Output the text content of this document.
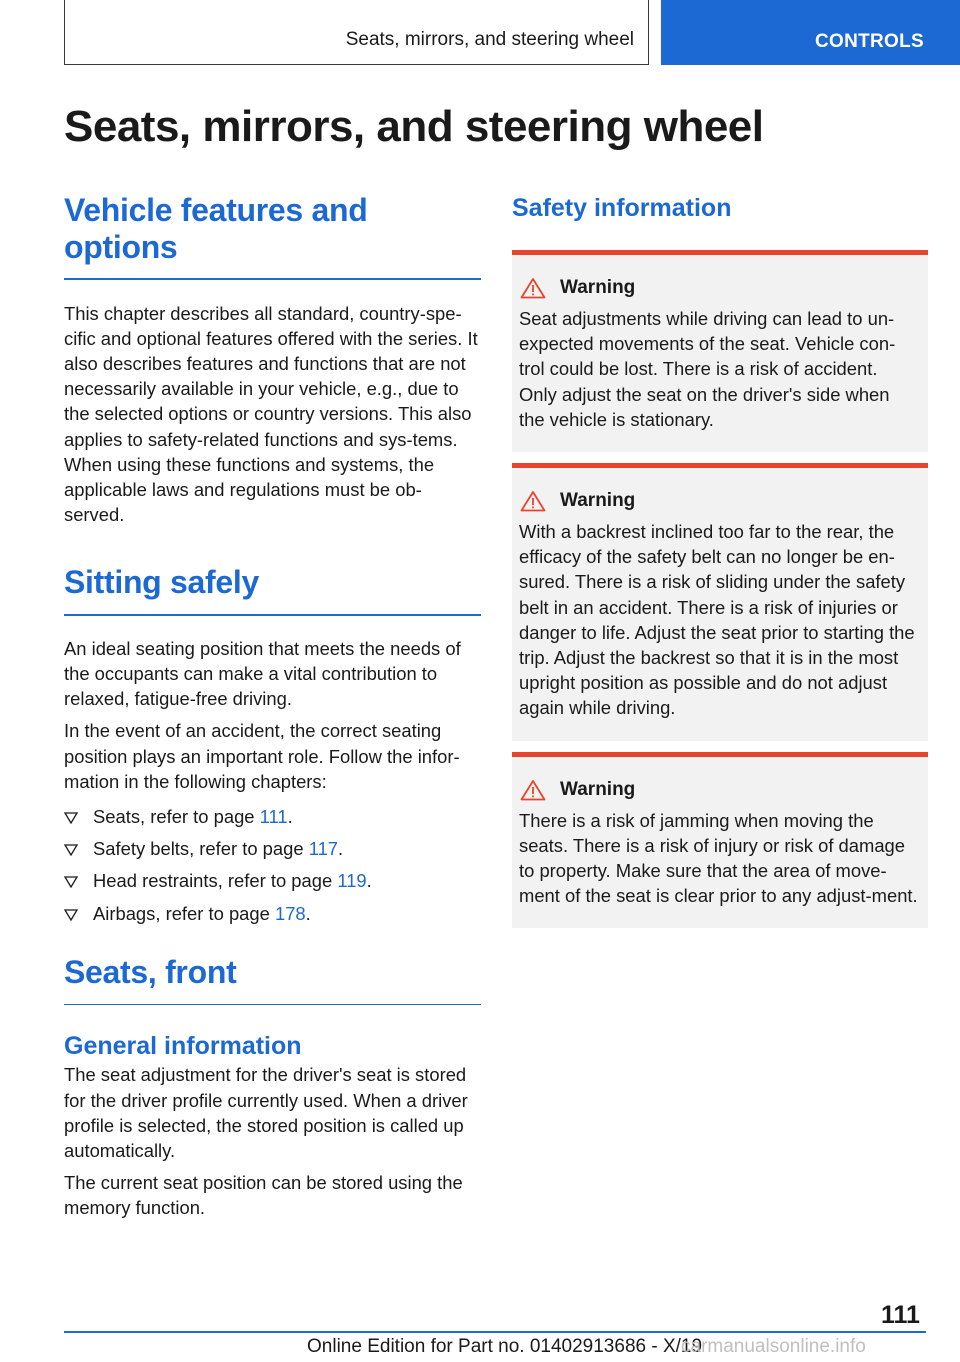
Seats, mirrors, and steering wheel	CONTROLS
Seats, mirrors, and steering wheel
Vehicle features and
options

This chapter describes all standard, country-spe-cific and optional features offered with the series. It also describes features and functions that are not necessarily available in your vehicle, e.g., due to the selected options or country versions. This also applies to safety-related functions and sys-tems. When using these functions and systems, the applicable laws and regulations must be ob-served.

Sitting safely

An ideal seating position that meets the needs of the occupants can make a vital contribution to relaxed, fatigue-free driving.

In the event of an accident, the correct seating position plays an important role. Follow the infor-mation in the following chapters:

Seats, refer to page 111.
Safety belts, refer to page 117.
Head restraints, refer to page 119.
Airbags, refer to page 178.
Seats, front
General information

The seat adjustment for the driver's seat is stored for the driver profile currently used. When a driver profile is selected, the stored position is called up automatically.

The current seat position can be stored using the memory function.

Safety information
Warning

Seat adjustments while driving can lead to un-expected movements of the seat. Vehicle con-trol could be lost. There is a risk of accident. Only adjust the seat on the driver's side when the vehicle is stationary.

Warning

With a backrest inclined too far to the rear, the efficacy of the safety belt can no longer be en-sured. There is a risk of sliding under the safety belt in an accident. There is a risk of injuries or danger to life. Adjust the seat prior to starting the trip. Adjust the backrest so that it is in the most upright position as possible and do not adjust again while driving.

Warning

There is a risk of jamming when moving the seats. There is a risk of injury or risk of damage to property. Make sure that the area of move-ment of the seat is clear prior to any adjust-ment.

111
Online Edition for Part no. 01402913686 - X/19
carmanualsonline.info
